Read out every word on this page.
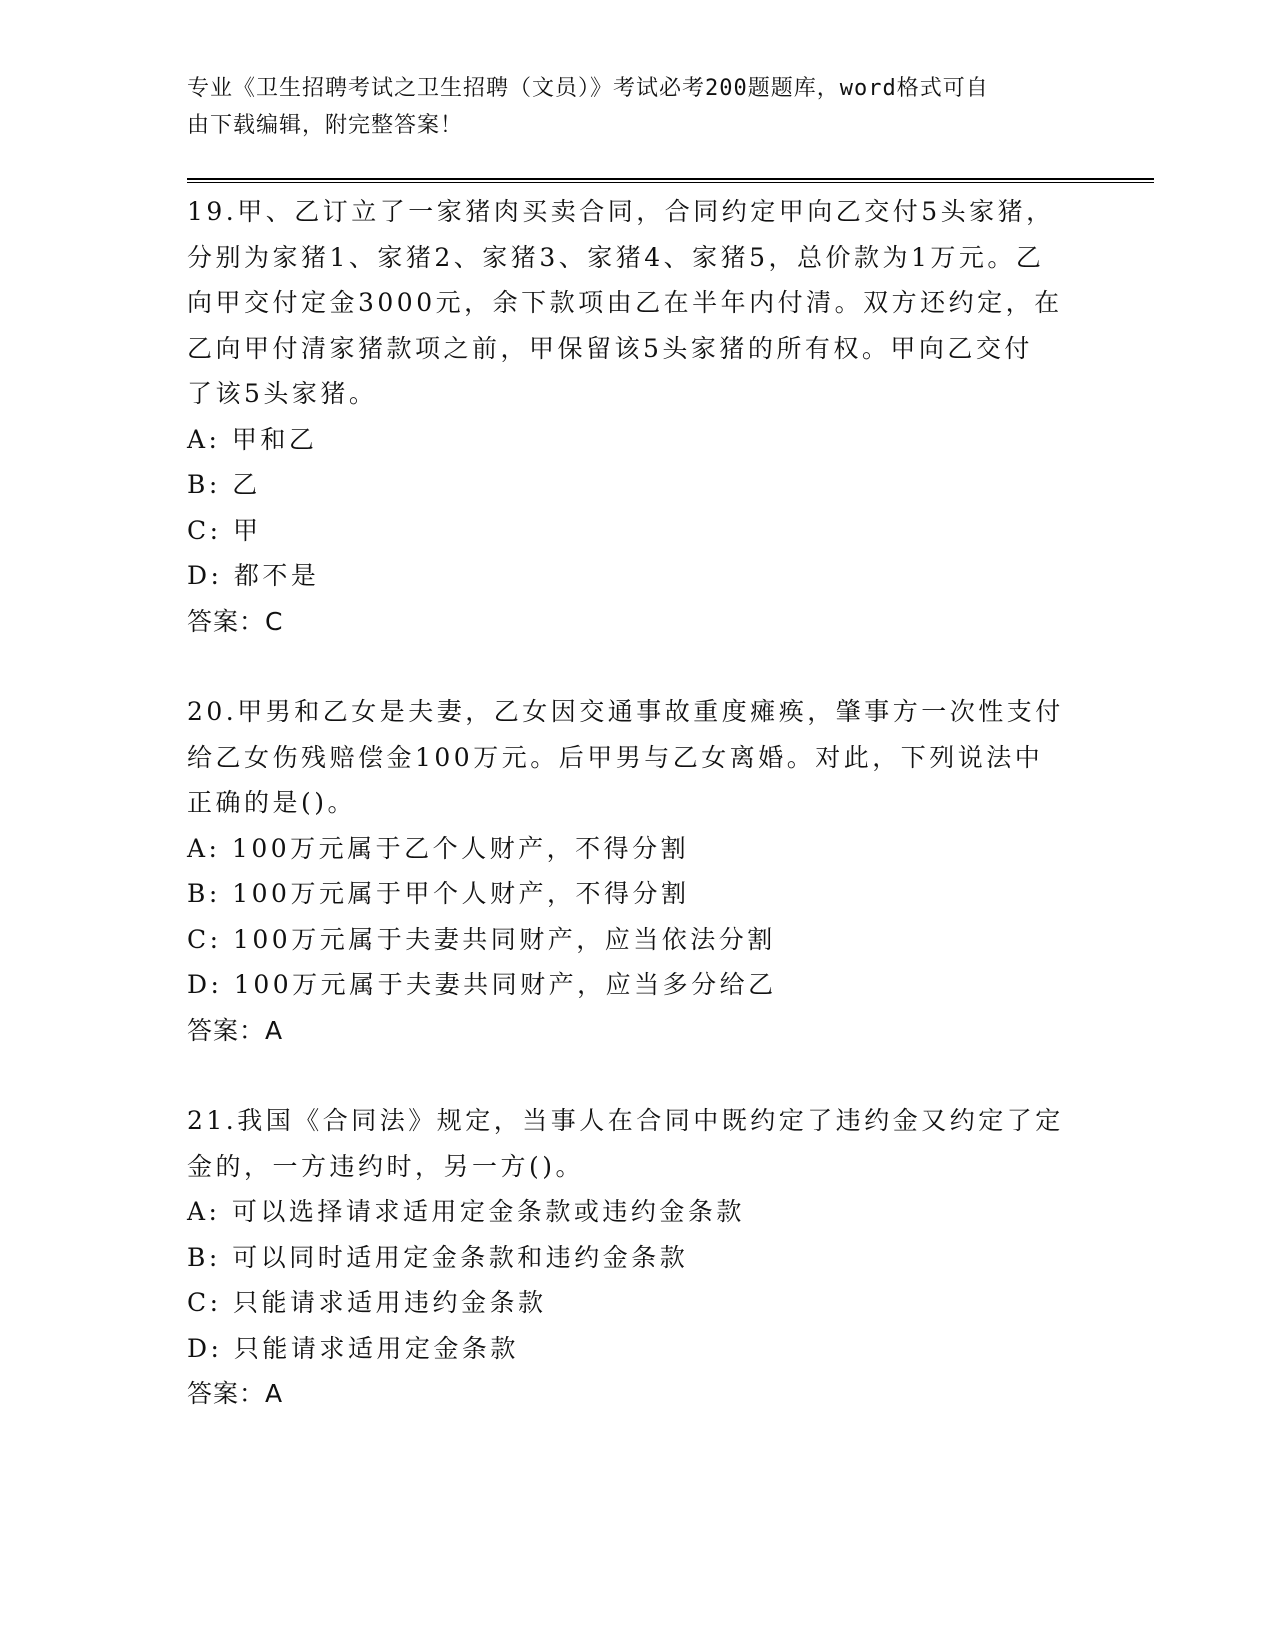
专业《卫生招聘考试之卫生招聘（文员）》考试必考200题题库，word格式可自
由下载编辑，附完整答案！
19.甲、乙订立了一家猪肉买卖合同，合同约定甲向乙交付5头家猪，
分别为家猪1、家猪2、家猪3、家猪4、家猪5，总价款为1万元。乙
向甲交付定金3000元，余下款项由乙在半年内付清。双方还约定，在
乙向甲付清家猪款项之前，甲保留该5头家猪的所有权。甲向乙交付
了该5头家猪。
A: 甲和乙
B: 乙
C: 甲
D: 都不是
答案：C
20.甲男和乙女是夫妻，乙女因交通事故重度瘫痪，肇事方一次性支付
给乙女伤残赔偿金100万元。后甲男与乙女离婚。对此，下列说法中
正确的是()。
A: 100万元属于乙个人财产，不得分割
B: 100万元属于甲个人财产，不得分割
C: 100万元属于夫妻共同财产，应当依法分割
D: 100万元属于夫妻共同财产，应当多分给乙
答案：A
21.我国《合同法》规定，当事人在合同中既约定了违约金又约定了定
金的，一方违约时，另一方()。
A: 可以选择请求适用定金条款或违约金条款
B: 可以同时适用定金条款和违约金条款
C: 只能请求适用违约金条款
D: 只能请求适用定金条款
答案：A
